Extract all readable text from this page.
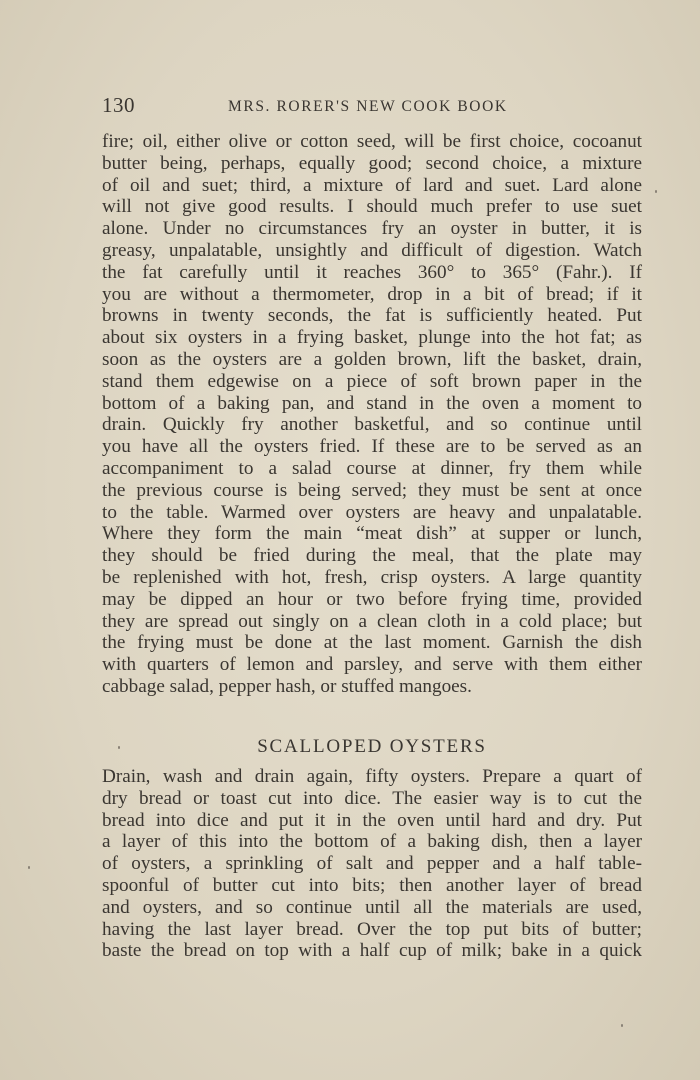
130	MRS. RORER'S NEW COOK BOOK
fire; oil, either olive or cotton seed, will be first choice, cocoanut
butter being, perhaps, equally good; second choice, a mixture
of oil and suet; third, a mixture of lard and suet. Lard alone
will not give good results. I should much prefer to use suet
alone. Under no circumstances fry an oyster in butter, it is
greasy, unpalatable, unsightly and difficult of digestion. Watch
the fat carefully until it reaches 360° to 365° (Fahr.). If
you are without a thermometer, drop in a bit of bread; if it
browns in twenty seconds, the fat is sufficiently heated. Put
about six oysters in a frying basket, plunge into the hot fat; as
soon as the oysters are a golden brown, lift the basket, drain,
stand them edgewise on a piece of soft brown paper in the
bottom of a baking pan, and stand in the oven a moment to
drain. Quickly fry another basketful, and so continue until
you have all the oysters fried. If these are to be served as an
accompaniment to a salad course at dinner, fry them while
the previous course is being served; they must be sent at once
to the table. Warmed over oysters are heavy and unpalatable.
Where they form the main “meat dish” at supper or lunch,
they should be fried during the meal, that the plate may
be replenished with hot, fresh, crisp oysters. A large quantity
may be dipped an hour or two before frying time, provided
they are spread out singly on a clean cloth in a cold place; but
the frying must be done at the last moment. Garnish the dish
with quarters of lemon and parsley, and serve with them either
cabbage salad, pepper hash, or stuffed mangoes.
SCALLOPED OYSTERS
Drain, wash and drain again, fifty oysters. Prepare a quart of
dry bread or toast cut into dice. The easier way is to cut the
bread into dice and put it in the oven until hard and dry. Put
a layer of this into the bottom of a baking dish, then a layer
of oysters, a sprinkling of salt and pepper and a half table-
spoonful of butter cut into bits; then another layer of bread
and oysters, and so continue until all the materials are used,
having the last layer bread. Over the top put bits of butter;
baste the bread on top with a half cup of milk; bake in a quick
